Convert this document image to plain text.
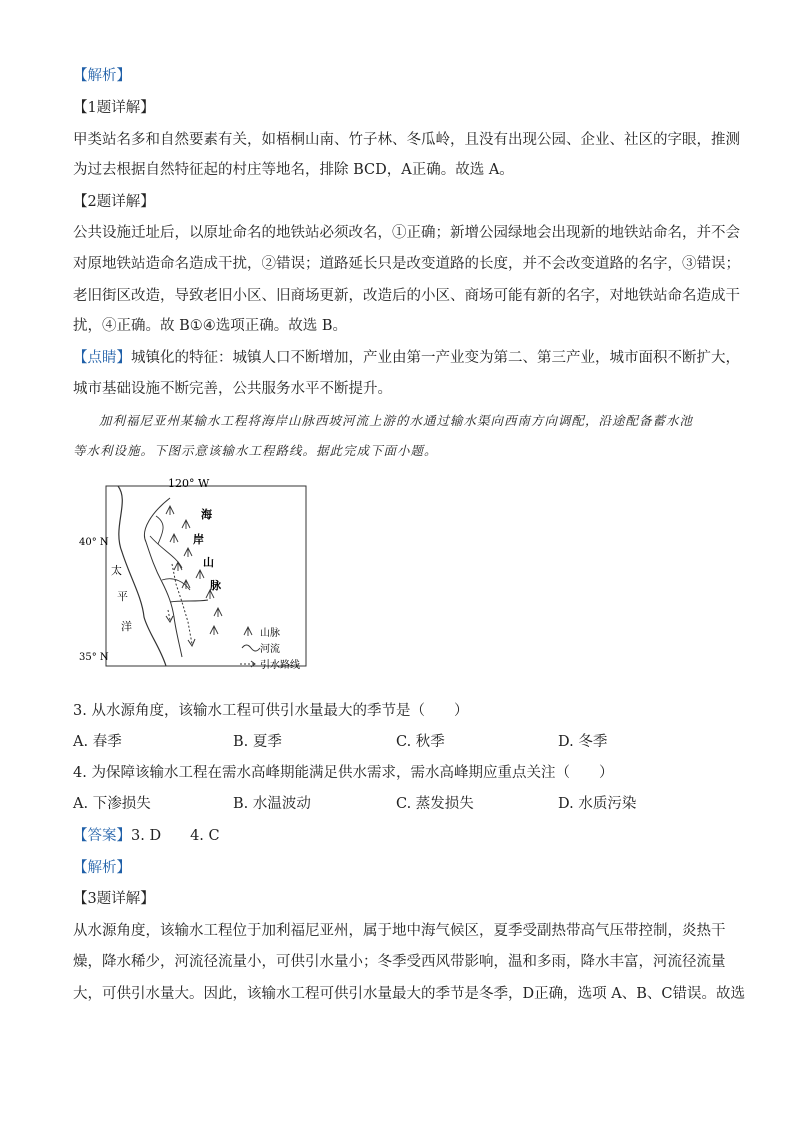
【解析】
【1题详解】
甲类站名多和自然要素有关，如梧桐山南、竹子林、冬瓜岭，且没有出现公园、企业、社区的字眼，推测
为过去根据自然特征起的村庄等地名，排除 BCD，A正确。故选 A。
【2题详解】
公共设施迁址后，以原址命名的地铁站必须改名，①正确；新增公园绿地会出现新的地铁站命名，并不会
对原地铁站造命名造成干扰，②错误；道路延长只是改变道路的长度，并不会改变道路的名字，③错误；
老旧街区改造，导致老旧小区、旧商场更新，改造后的小区、商场可能有新的名字，对地铁站命名造成干
扰，④正确。故 B①④选项正确。故选 B。
【点睛】城镇化的特征：城镇人口不断增加，产业由第一产业变为第二、第三产业，城市面积不断扩大，
城市基础设施不断完善，公共服务水平不断提升。
加利福尼亚州某输水工程将海岸山脉西坡河流上游的水通过输水渠向西南方向调配，沿途配备蓄水池
等水利设施。下图示意该输水工程路线。据此完成下面小题。
120° W
40° N
35° N
海
岸
山
脉
太
平
洋
山脉
河流
引水路线
3. 从水源角度，该输水工程可供引水量最大的季节是（　　）
A. 春季	B. 夏季	C. 秋季	D. 冬季
4. 为保障该输水工程在需水高峰期能满足供水需求，需水高峰期应重点关注（　　）
A. 下渗损失	B. 水温波动	C. 蒸发损失	D. 水质污染
【答案】3. D　　4. C
【解析】
【3题详解】
从水源角度，该输水工程位于加利福尼亚州，属于地中海气候区，夏季受副热带高气压带控制，炎热干
燥，降水稀少，河流径流量小，可供引水量小；冬季受西风带影响，温和多雨，降水丰富，河流径流量
大，可供引水量大。因此，该输水工程可供引水量最大的季节是冬季，D正确，选项 A、B、C错误。故选
